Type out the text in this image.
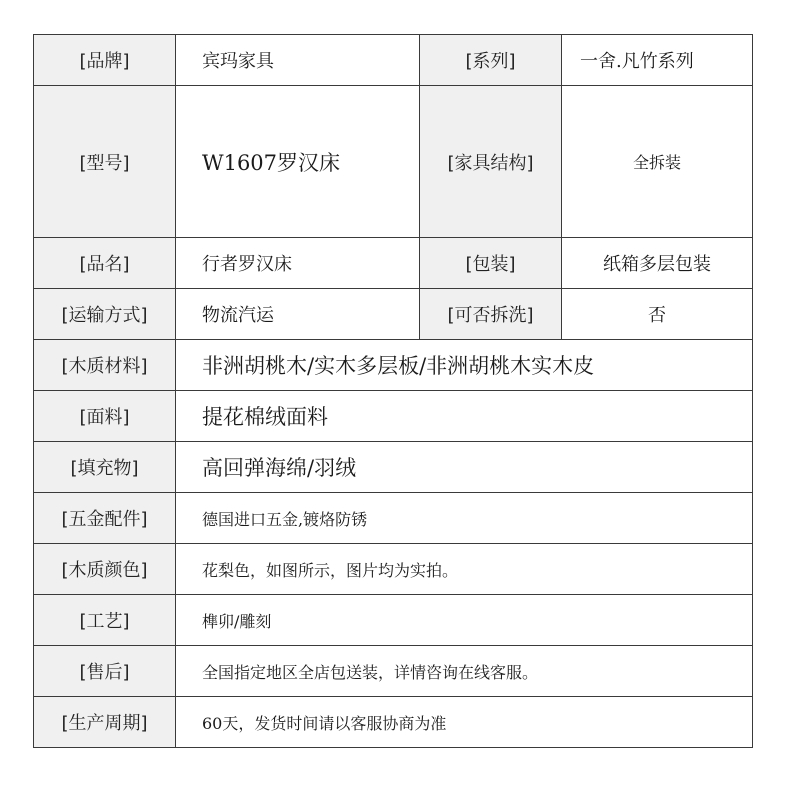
[品牌]	宾玛家具	[系列]	一舍.凡竹系列
[型号]	W1607罗汉床	[家具结构]	全拆装
[品名]	行者罗汉床	[包装]	纸箱多层包装
[运输方式]	物流汽运	[可否拆洗]	否
[木质材料]	非洲胡桃木/实木多层板/非洲胡桃木实木皮		
[面料]	提花棉绒面料		
[填充物]	高回弹海绵/羽绒		
[五金配件]	德国进口五金,镀烙防锈		
[木质颜色]	花梨色，如图所示，图片均为实拍。		
[工艺]	榫卯/雕刻		
[售后]	全国指定地区全店包送装，详情咨询在线客服。		
[生产周期]	60天，发货时间请以客服协商为准		
